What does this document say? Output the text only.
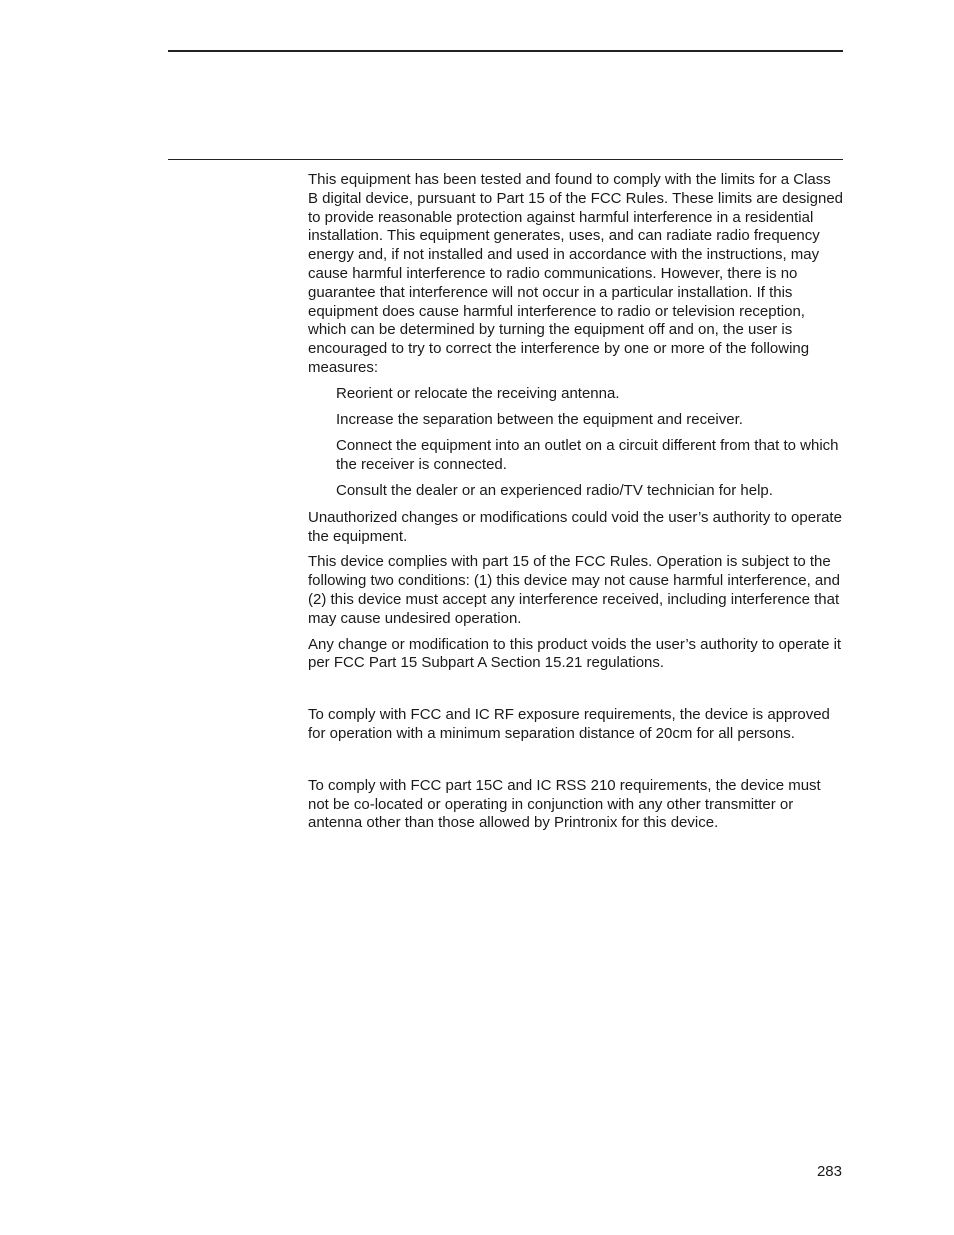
This equipment has been tested and found to comply with the limits for a Class B digital device, pursuant to Part 15 of the FCC Rules. These limits are designed to provide reasonable protection against harmful interference in a residential installation. This equipment generates, uses, and can radiate radio frequency energy and, if not installed and used in accordance with the instructions, may cause harmful interference to radio communications. However, there is no guarantee that interference will not occur in a particular installation. If this equipment does cause harmful interference to radio or television reception, which can be determined by turning the equipment off and on, the user is encouraged to try to correct the interference by one or more of the following measures:

Reorient or relocate the receiving antenna.
Increase the separation between the equipment and receiver.
Connect the equipment into an outlet on a circuit different from that to which the receiver is connected.
Consult the dealer or an experienced radio/TV technician for help.

Unauthorized changes or modifications could void the user’s authority to operate the equipment.

This device complies with part 15 of the FCC Rules. Operation is subject to the following two conditions: (1) this device may not cause harmful interference, and (2) this device must accept any interference received, including interference that may cause undesired operation.

Any change or modification to this product voids the user’s authority to operate it per FCC Part 15 Subpart A Section 15.21 regulations.

To comply with FCC and IC RF exposure requirements, the device is approved for operation with a minimum separation distance of 20cm for all persons.

To comply with FCC part 15C and IC RSS 210 requirements, the device must not be co-located or operating in conjunction with any other transmitter or antenna other than those allowed by Printronix for this device.

283
